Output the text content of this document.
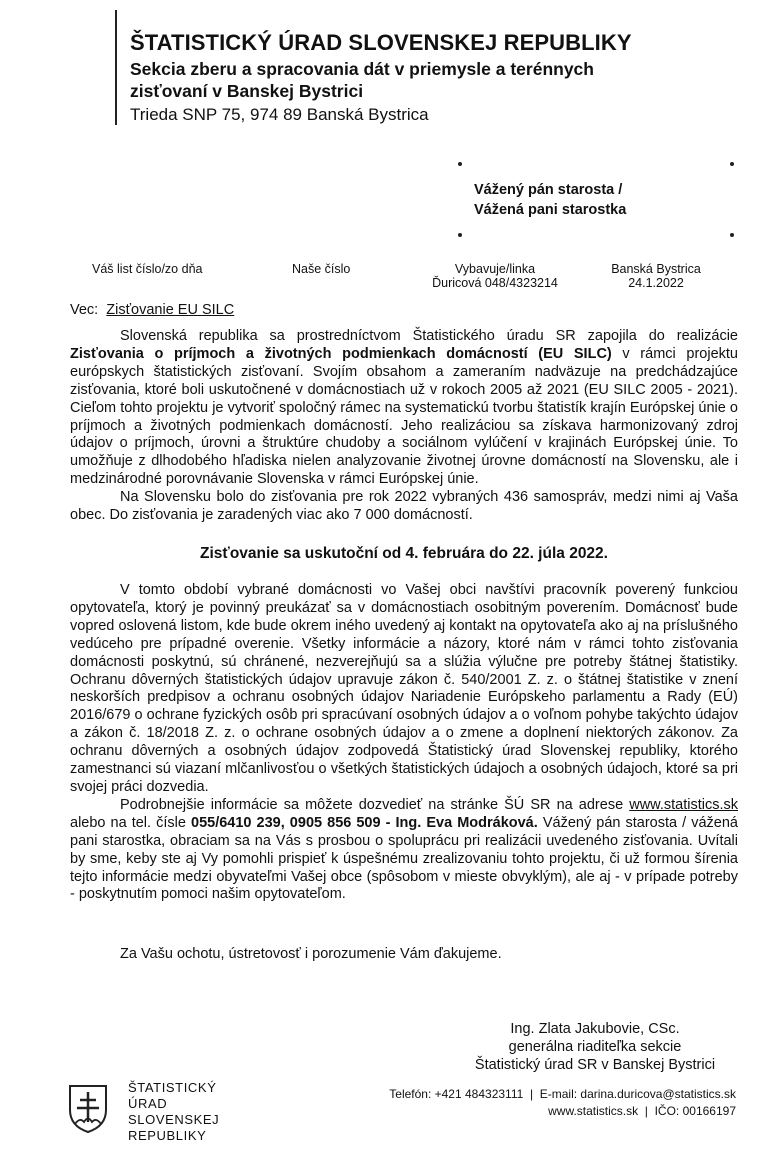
ŠTATISTICKÝ ÚRAD SLOVENSKEJ REPUBLIKY
Sekcia zberu a spracovania dát v priemysle a terénnych
zisťovaní v Banskej Bystrici
Trieda SNP 75, 974 89 Banská Bystrica
Vážený pán starosta /
Vážená pani starostka
Váš list číslo/zo dňa	Naše číslo	Vybavuje/linka
Ďuricová 048/4323214
Banská Bystrica
24.1.2022
Vec: Zisťovanie EU SILC

Slovenská republika sa prostredníctvom Štatistického úradu SR zapojila do realizácie Zisťovania o príjmoch a životných podmienkach domácností (EU SILC) v rámci projektu európskych štatistických zisťovaní. Svojím obsahom a zameraním nadväzuje na predchádzajúce zisťovania, ktoré boli uskutočnené v domácnostiach už v rokoch 2005 až 2021 (EU SILC 2005 - 2021). Cieľom tohto projektu je vytvoriť spoločný rámec na systematickú tvorbu štatistík krajín Európskej únie o príjmoch a životných podmienkach domácností. Jeho realizáciou sa získava harmonizovaný zdroj údajov o príjmoch, úrovni a štruktúre chudoby a sociálnom vylúčení v krajinách Európskej únie. To umožňuje z dlhodobého hľadiska nielen analyzovanie životnej úrovne domácností na Slovensku, ale i medzinárodné porovnávanie Slovenska v rámci Európskej únie.

Na Slovensku bolo do zisťovania pre rok 2022 vybraných 436 samospráv, medzi nimi aj Vaša obec. Do zisťovania je zaradených viac ako 7 000 domácností.

Zisťovanie sa uskutoční od 4. februára do 22. júla 2022.

V tomto období vybrané domácnosti vo Vašej obci navštívi pracovník poverený funkciou opytovateľa, ktorý je povinný preukázať sa v domácnostiach osobitným poverením. Domácnosť bude vopred oslovená listom, kde bude okrem iného uvedený aj kontakt na opytovateľa ako aj na príslušného vedúceho pre prípadné overenie. Všetky informácie a názory, ktoré nám v rámci tohto zisťovania domácnosti poskytnú, sú chránené, nezverejňujú sa a slúžia výlučne pre potreby štátnej štatistiky. Ochranu dôverných štatistických údajov upravuje zákon č. 540/2001 Z. z. o štátnej štatistike v znení neskorších predpisov a ochranu osobných údajov Nariadenie Európskeho parlamentu a Rady (EÚ) 2016/679 o ochrane fyzických osôb pri spracúvaní osobných údajov a o voľnom pohybe takýchto údajov a zákon č. 18/2018 Z. z. o ochrane osobných údajov a o zmene a doplnení niektorých zákonov. Za ochranu dôverných a osobných údajov zodpovedá Štatistický úrad Slovenskej republiky, ktorého zamestnanci sú viazaní mlčanlivosťou o všetkých štatistických údajoch a osobných údajoch, ktoré sa pri svojej práci dozvedia.

Podrobnejšie informácie sa môžete dozvedieť na stránke ŠÚ SR na adrese www.statistics.sk alebo na tel. čísle 055/6410 239, 0905 856 509 - Ing. Eva Modráková. Vážený pán starosta / vážená pani starostka, obraciam sa na Vás s prosbou o spoluprácu pri realizácii uvedeného zisťovania. Uvítali by sme, keby ste aj Vy pomohli prispieť k úspešnému zrealizovaniu tohto projektu, či už formou šírenia tejto informácie medzi obyvateľmi Vašej obce (spôsobom v mieste obvyklým), ale aj - v prípade potreby - poskytnutím pomoci našim opytovateľom.

Za Vašu ochotu, ústretovosť i porozumenie Vám ďakujeme.

Ing. Zlata Jakubovie, CSc.
generálna riaditeľka sekcie
Štatistický úrad SR v Banskej Bystrici
ŠTATISTICKÝ
ÚRAD
SLOVENSKEJ
REPUBLIKY
Telefón: +421 484323111 | E-mail: darina.duricova@statistics.sk
www.statistics.sk | IČO: 00166197
